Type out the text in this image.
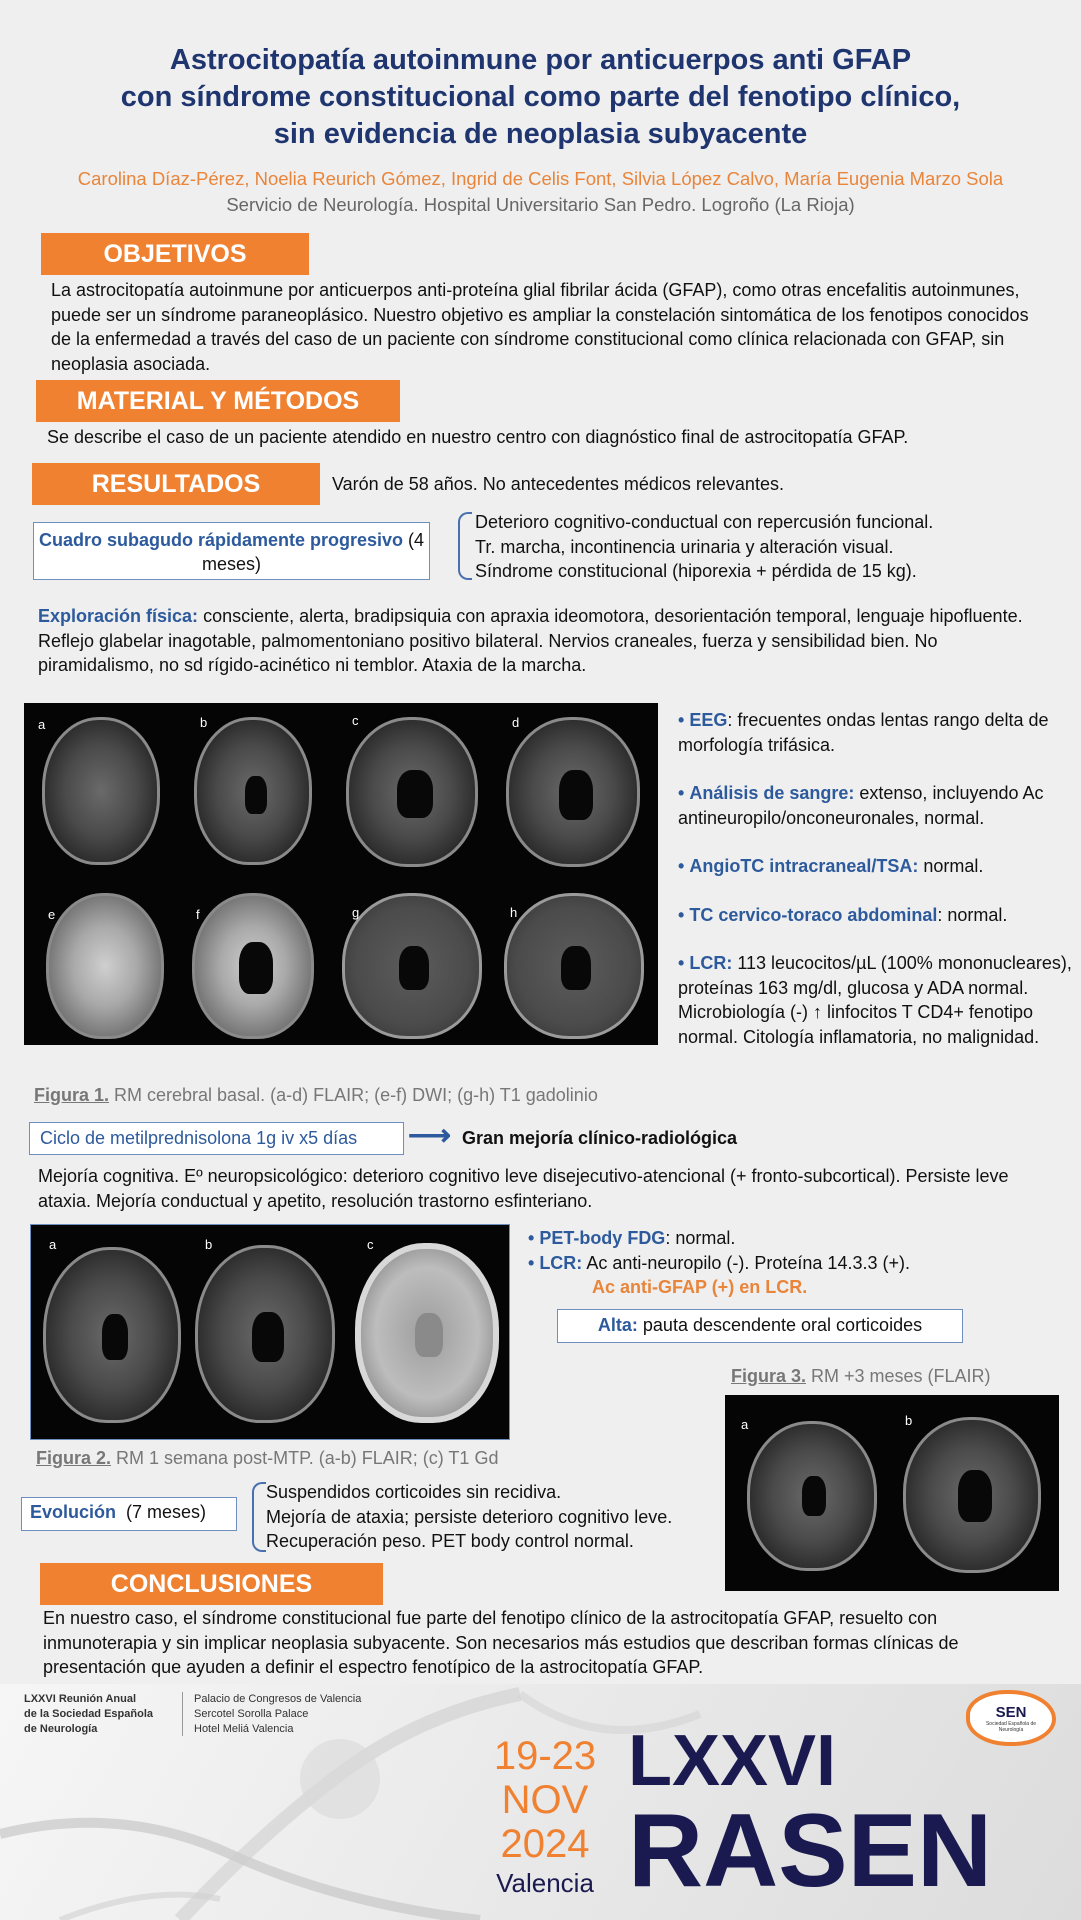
Astrocitopatía autoinmune por anticuerpos anti GFAP
con síndrome constitucional como parte del fenotipo clínico,
sin evidencia de neoplasia subyacente
Carolina Díaz-Pérez, Noelia Reurich Gómez, Ingrid de Celis Font, Silvia López Calvo, María Eugenia Marzo Sola
Servicio de Neurología. Hospital Universitario San Pedro. Logroño (La Rioja)
OBJETIVOS
La astrocitopatía autoinmune por anticuerpos anti-proteína glial fibrilar ácida (GFAP), como otras encefalitis autoinmunes, puede ser un síndrome paraneoplásico. Nuestro objetivo es ampliar la constelación sintomática de los fenotipos conocidos de la enfermedad a través del caso de un paciente con síndrome constitucional como clínica relacionada con GFAP, sin neoplasia asociada.
MATERIAL Y MÉTODOS
Se describe el caso de un paciente atendido en nuestro centro con diagnóstico final de astrocitopatía GFAP.
RESULTADOS	Varón de 58 años. No antecedentes médicos relevantes.
Cuadro subagudo rápidamente progresivo (4 meses)
Deterioro cognitivo-conductual con repercusión funcional.
Tr. marcha, incontinencia urinaria y alteración visual.
Síndrome constitucional (hiporexia + pérdida de 15 kg).
Exploración física: consciente, alerta, bradipsiquia con apraxia ideomotora, desorientación temporal, lenguaje hipofluente. Reflejo glabelar inagotable, palmomentoniano positivo bilateral. Nervios craneales, fuerza y sensibilidad bien. No piramidalismo, no sd rígido-acinético ni temblor. Ataxia de la marcha.
a	b	c	d
e	f	g	h
Figura 1. RM cerebral basal. (a-d) FLAIR; (e-f) DWI; (g-h) T1 gadolinio
• EEG: frecuentes ondas lentas rango delta de morfología trifásica.
• Análisis de sangre: extenso, incluyendo Ac antineuropilo/onconeuronales, normal.
• AngioTC intracraneal/TSA: normal.
• TC cervico-toraco abdominal: normal.
• LCR: 113 leucocitos/µL (100% mononucleares), proteínas 163 mg/dl, glucosa y ADA normal. Microbiología (-) ↑ linfocitos T CD4+ fenotipo normal. Citología inflamatoria, no malignidad.
Ciclo de metilprednisolona 1g iv x5 días	⟶ Gran mejoría clínico-radiológica
Mejoría cognitiva. Eº neuropsicológico: deterioro cognitivo leve disejecutivo-atencional (+ fronto-subcortical). Persiste leve ataxia. Mejoría conductual y apetito, resolución trastorno esfinteriano.
a	b	c
Figura 2. RM 1 semana post-MTP. (a-b) FLAIR; (c) T1 Gd
• PET-body FDG: normal.
• LCR: Ac anti-neuropilo (-). Proteína 14.3.3 (+).
Ac anti-GFAP (+) en LCR.
Alta: pauta descendente oral corticoides
Figura 3. RM +3 meses (FLAIR)
a	b
Evolución (7 meses)
Suspendidos corticoides sin recidiva.
Mejoría de ataxia; persiste deterioro cognitivo leve.
Recuperación peso. PET body control normal.
CONCLUSIONES
En nuestro caso, el síndrome constitucional fue parte del fenotipo clínico de la astrocitopatía GFAP, resuelto con inmunoterapia y sin implicar neoplasia subyacente. Son necesarios más estudios que describan formas clínicas de presentación que ayuden a definir el espectro fenotípico de la astrocitopatía GFAP.
LXXVI Reunión Anual
de la Sociedad Española
de Neurología
Palacio de Congresos de Valencia
Sercotel Sorolla Palace
Hotel Meliá Valencia
19-23
NOV
2024
Valencia
LXXVI
RASEN
SEN
Sociedad Española de Neurología
